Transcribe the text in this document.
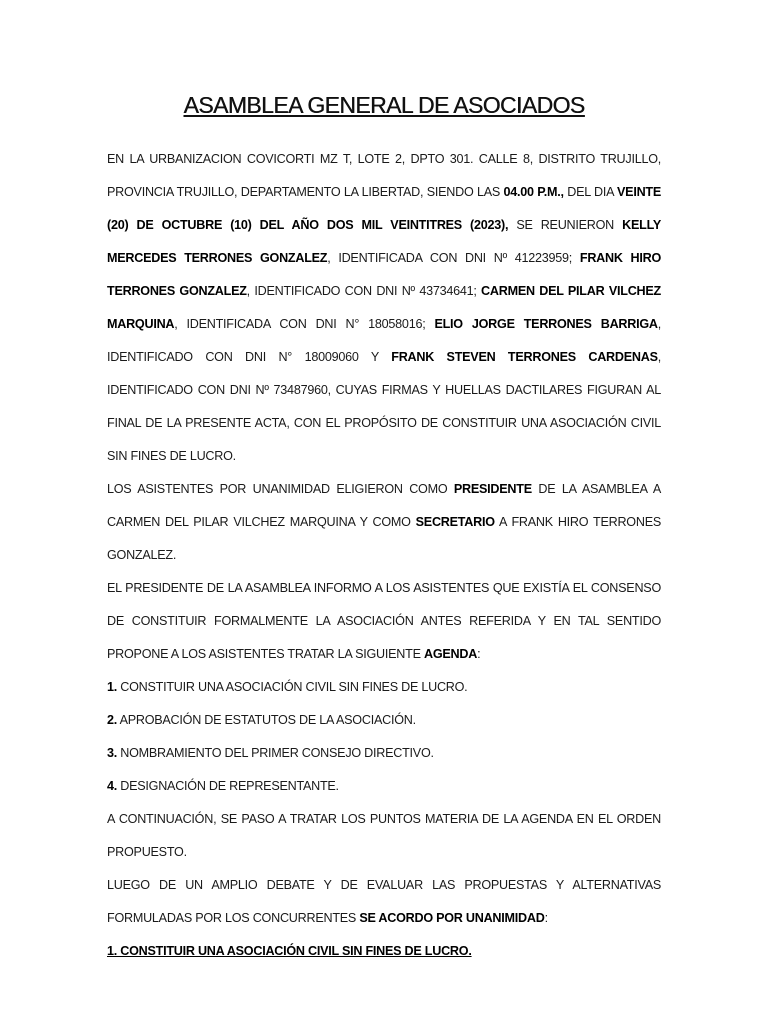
ASAMBLEA GENERAL DE ASOCIADOS

EN LA URBANIZACION COVICORTI MZ T, LOTE 2, DPTO 301. CALLE 8, DISTRITO TRUJILLO, PROVINCIA TRUJILLO, DEPARTAMENTO LA LIBERTAD, SIENDO LAS 04.00 P.M., DEL DIA VEINTE (20) DE OCTUBRE (10) DEL AÑO DOS MIL VEINTITRES (2023), SE REUNIERON KELLY MERCEDES TERRONES GONZALEZ, IDENTIFICADA CON DNI Nº 41223959; FRANK HIRO TERRONES GONZALEZ, IDENTIFICADO CON DNI Nº 43734641; CARMEN DEL PILAR VILCHEZ MARQUINA, IDENTIFICADA CON DNI N° 18058016; ELIO JORGE TERRONES BARRIGA, IDENTIFICADO CON DNI N° 18009060 Y FRANK STEVEN TERRONES CARDENAS, IDENTIFICADO CON DNI Nº 73487960, CUYAS FIRMAS Y HUELLAS DACTILARES FIGURAN AL FINAL DE LA PRESENTE ACTA, CON EL PROPÓSITO DE CONSTITUIR UNA ASOCIACIÓN CIVIL SIN FINES DE LUCRO.

LOS ASISTENTES POR UNANIMIDAD ELIGIERON COMO PRESIDENTE DE LA ASAMBLEA A CARMEN DEL PILAR VILCHEZ MARQUINA Y COMO SECRETARIO A FRANK HIRO TERRONES GONZALEZ.

EL PRESIDENTE DE LA ASAMBLEA INFORMO A LOS ASISTENTES QUE EXISTÍA EL CONSENSO DE CONSTITUIR FORMALMENTE LA ASOCIACIÓN ANTES REFERIDA Y EN TAL SENTIDO PROPONE A LOS ASISTENTES TRATAR LA SIGUIENTE AGENDA:

1. CONSTITUIR UNA ASOCIACIÓN CIVIL SIN FINES DE LUCRO.

2. APROBACIÓN DE ESTATUTOS DE LA ASOCIACIÓN.

3. NOMBRAMIENTO DEL PRIMER CONSEJO DIRECTIVO.

4. DESIGNACIÓN DE REPRESENTANTE.

A CONTINUACIÓN, SE PASO A TRATAR LOS PUNTOS MATERIA DE LA AGENDA EN EL ORDEN PROPUESTO.

LUEGO DE UN AMPLIO DEBATE Y DE EVALUAR LAS PROPUESTAS Y ALTERNATIVAS FORMULADAS POR LOS CONCURRENTES SE ACORDO POR UNANIMIDAD:

1. CONSTITUIR UNA ASOCIACIÓN CIVIL SIN FINES DE LUCRO.
